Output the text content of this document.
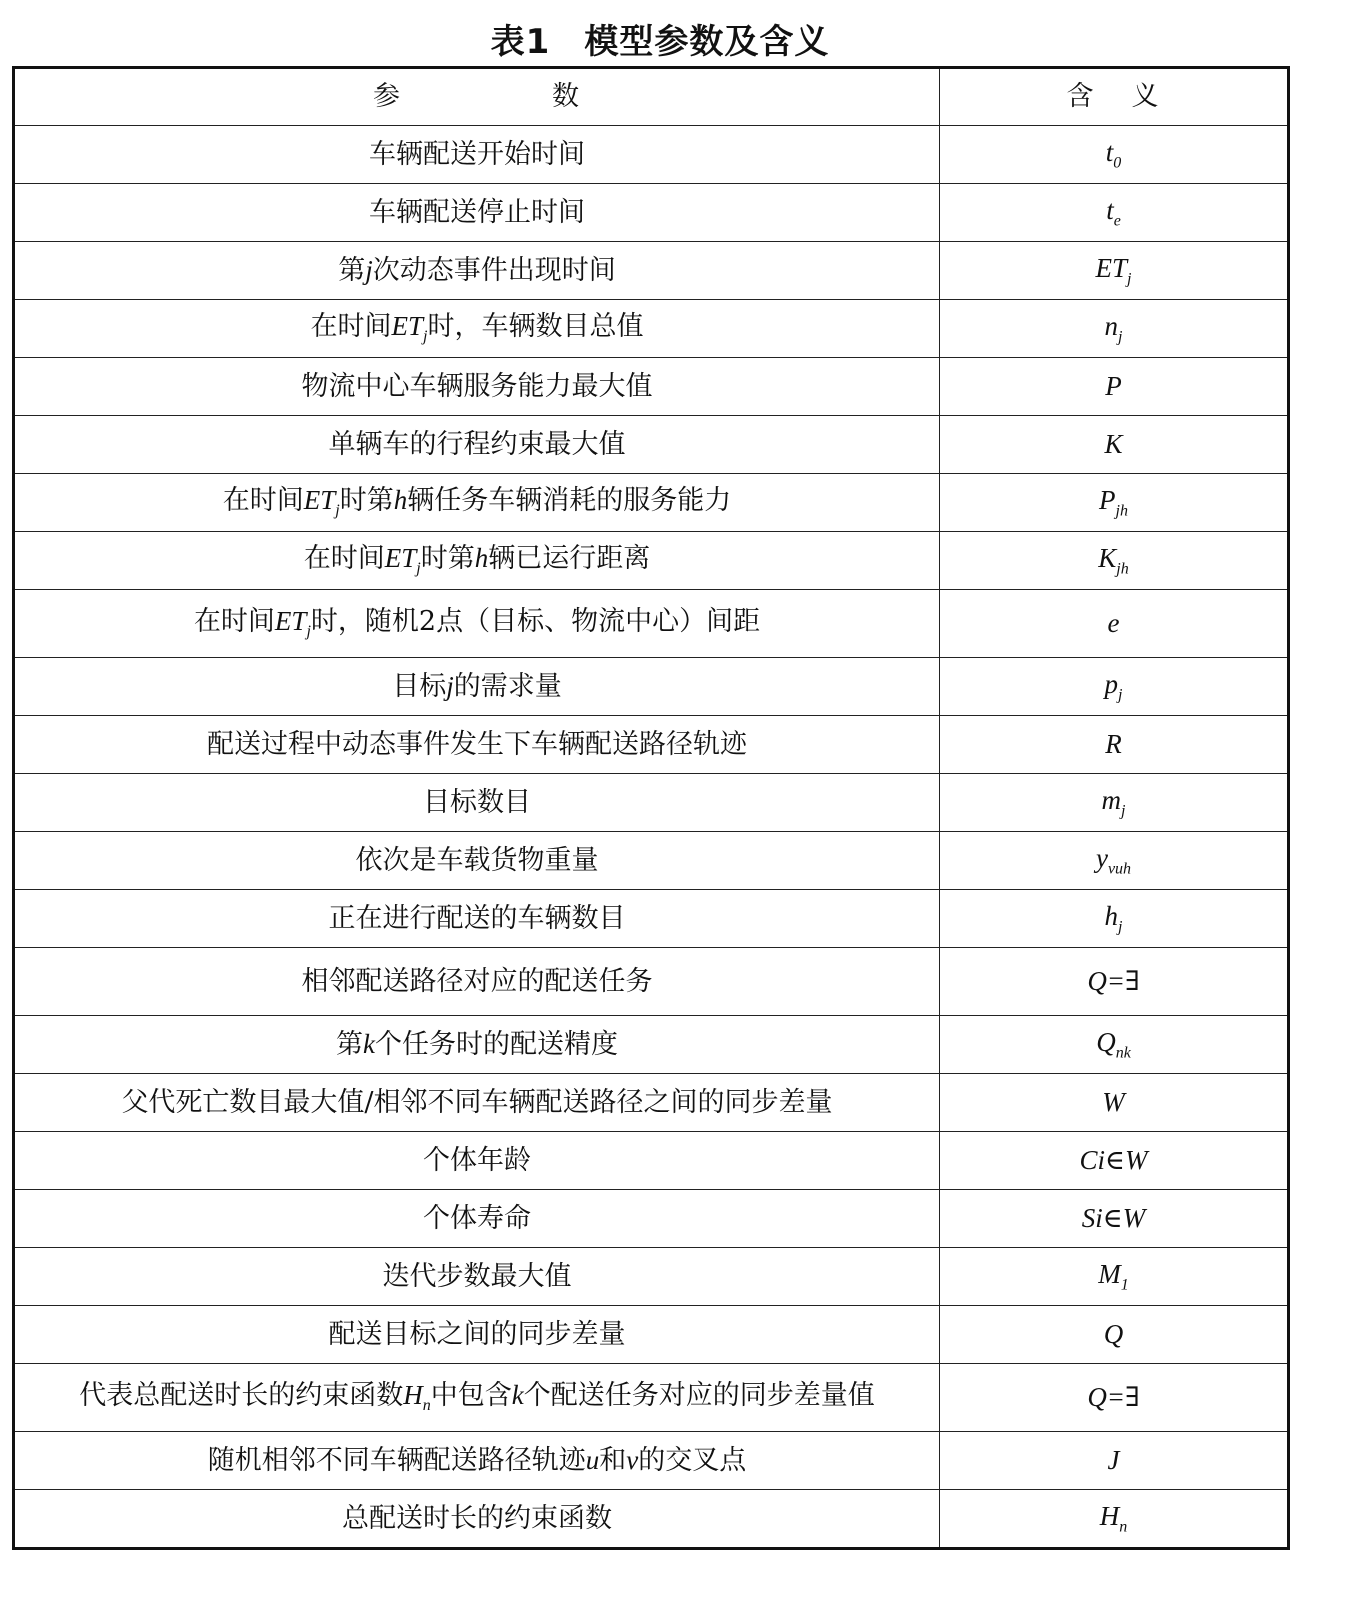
表1 模型参数及含义
参 数	含 义
车辆配送开始时间	$t_0$
车辆配送停止时间	$t_e$
第j次动态事件出现时间	$ET_j$
在时间$ET_j$时，车辆数目总值	$n_j$
物流中心车辆服务能力最大值	P
单辆车的行程约束最大值	K
在时间$ET_j$时第h辆任务车辆消耗的服务能力	$P_{jh}$
在时间$ET_j$时第h辆已运行距离	$K_{jh}$
在时间$ET_j$时，随机2点（目标、物流中心）间距	e
目标j的需求量	$p_j$
配送过程中动态事件发生下车辆配送路径轨迹	R
目标数目	$m_j$
依次是车载货物重量	$y_{vuh}$
正在进行配送的车辆数目	$h_j$
相邻配送路径对应的配送任务	Q=∃
第k个任务时的配送精度	$Q_{nk}$
父代死亡数目最大值/相邻不同车辆配送路径之间的同步差量	W
个体年龄	Ci∈W
个体寿命	Si∈W
迭代步数最大值	$M_1$
配送目标之间的同步差量	Q
代表总配送时长的约束函数$H_n$中包含k个配送任务对应的同步差量值	Q=∃
随机相邻不同车辆配送路径轨迹u和v的交叉点	J
总配送时长的约束函数	$H_n$
